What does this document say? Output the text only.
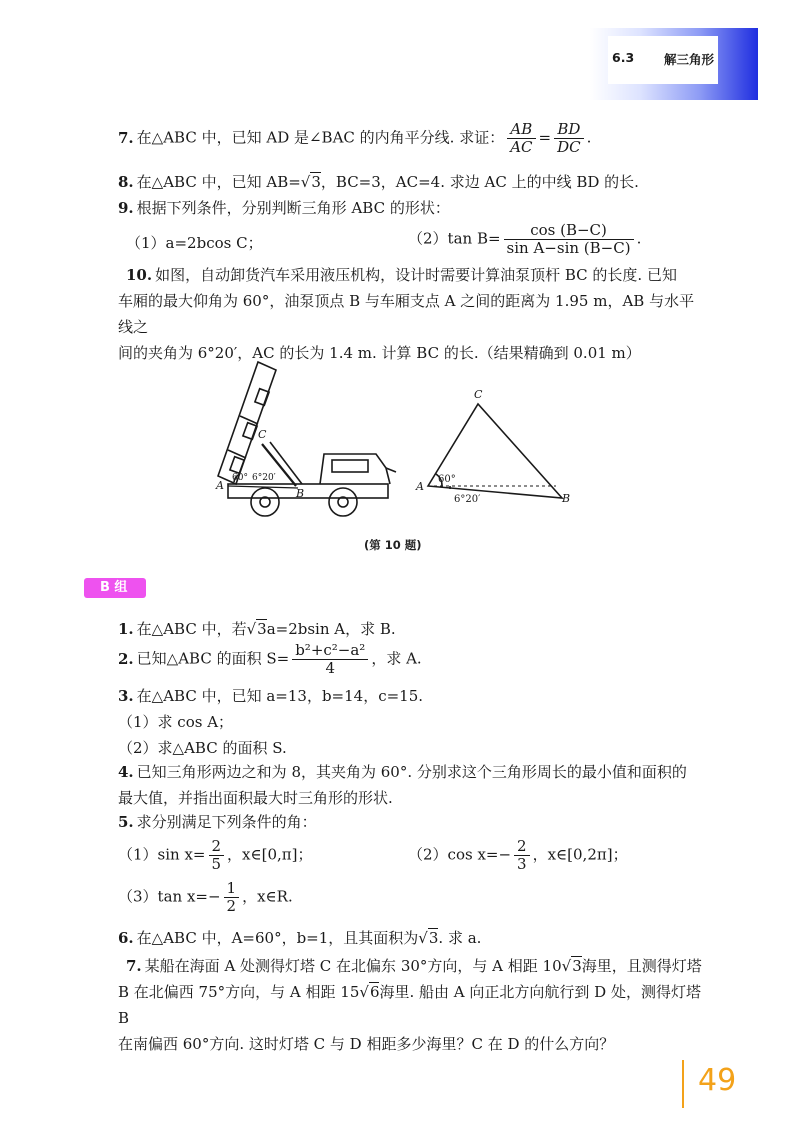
6.3 解三角形
7. 在△ABC 中，已知 AD 是∠BAC 的内角平分线. 求证： $\frac{AB}{AC} = \frac{BD}{DC}$ .
8. 在△ABC 中，已知 AB=√3，BC=3，AC=4. 求边 AC 上的中线 BD 的长.
9. 根据下列条件，分别判断三角形 ABC 的形状：
（1）a=2bcos C；	（2）tan $B= \frac{\cos (B-C)}{\text{sin A−sin (B−C)}}$ .

10. 如图，自动卸货汽车采用液压机构，设计时需要计算油泵顶杆 BC 的长度. 已知

车厢的最大仰角为 60°，油泵顶点 B 与车厢支点 A 之间的距离为 1.95 m，AB 与水平线之

间的夹角为 6°20′，AC 的长为 1.4 m. 计算 BC 的长.（结果精确到 0.01 m）

A
B
C
60° 6°20′
A
B
C
60°
6°20′
(第 10 题)
B 组
1. 在△ABC 中，若√3a=2bsin A，求 B.
2. 已知△ABC 的面积 $S= \frac{\text{b²+c²−a²}}{4}$ ，求 A.
3. 在△ABC 中，已知 a=13，b=14，c=15.
（1）求 cos A；
（2）求△ABC 的面积 S.

4. 已知三角形两边之和为 8，其夹角为 60°. 分别求这个三角形周长的最小值和面积的

最大值，并指出面积最大时三角形的形状.

5. 求分别满足下列条件的角：
（1）sin $x= \frac{2}{5}$ ，x∈[0,π]；	（2）cos $x=- \frac{2}{3}$ ，x∈[0,2π]；
（3）tan $x=- \frac{1}{2}$ ，x∈R.
6. 在△ABC 中，A=60°，b=1，且其面积为√3. 求 a.

7. 某船在海面 A 处测得灯塔 C 在北偏东 30°方向，与 A 相距 10√3海里，且测得灯塔

B 在北偏西 75°方向，与 A 相距 15√6海里. 船由 A 向正北方向航行到 D 处，测得灯塔 B

在南偏西 60°方向. 这时灯塔 C 与 D 相距多少海里？C 在 D 的什么方向？

49
